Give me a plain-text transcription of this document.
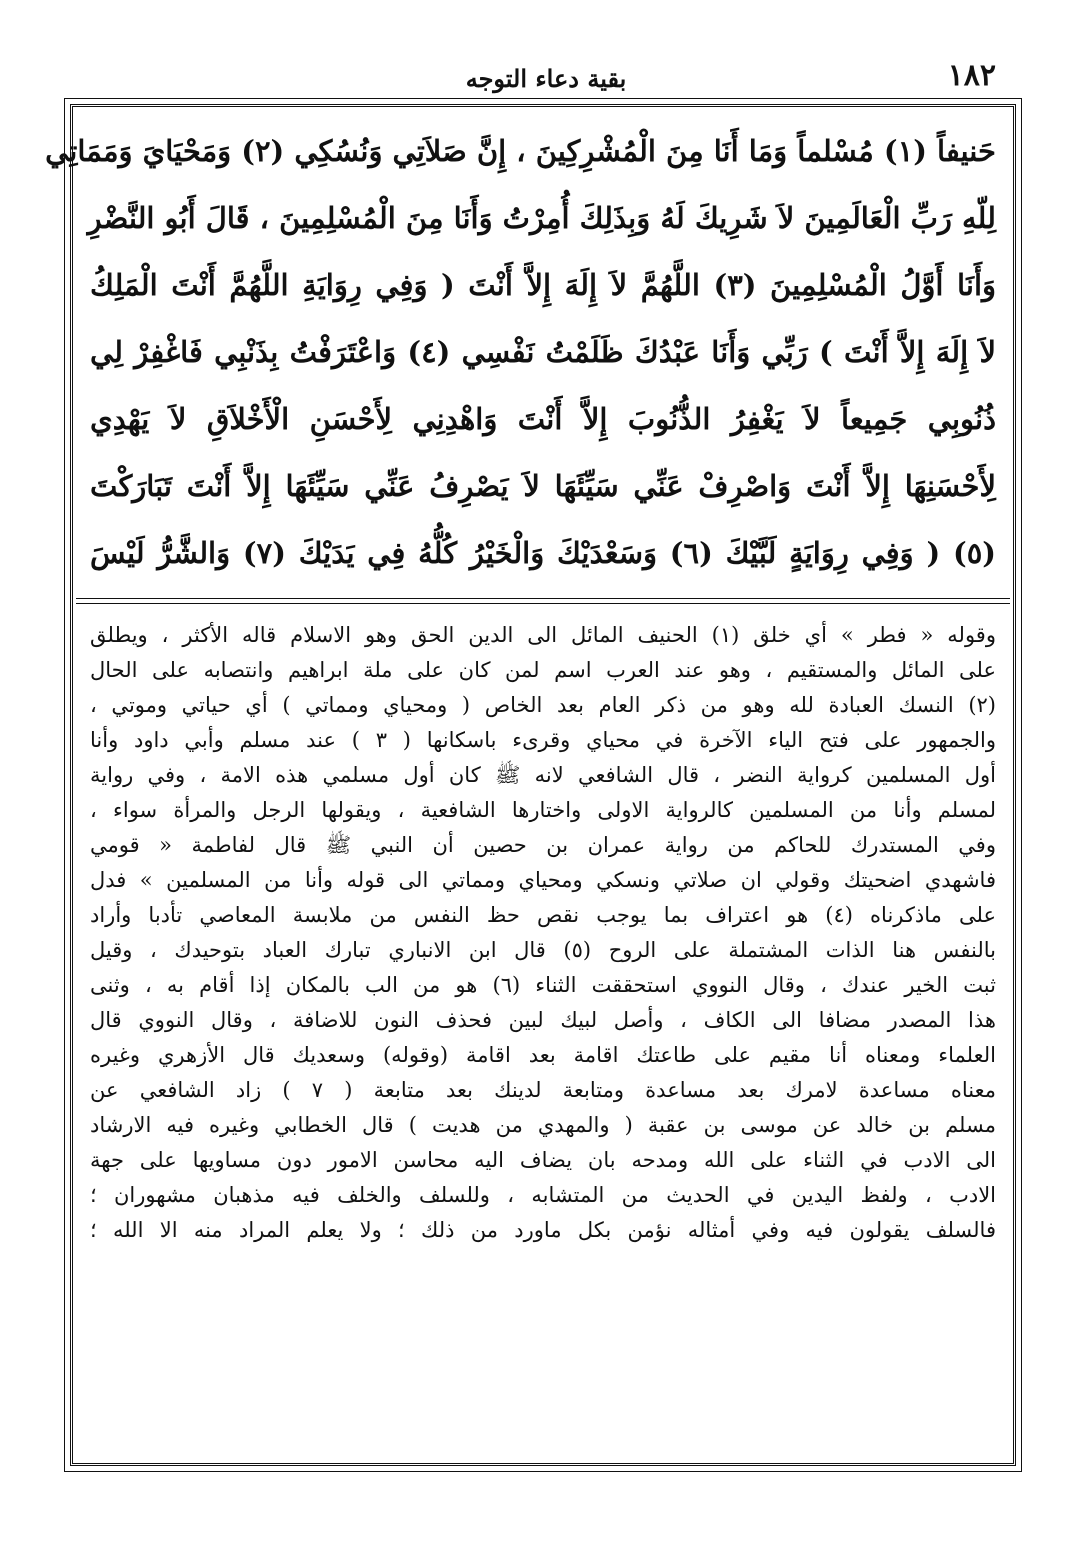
١٨٢
بقية دعاء التوجه
حَنيفاً (١) مُسْلماً وَمَا أَنَا مِنَ الْمُشْرِكِينَ ، إِنَّ صَلاَتِي وَنُسُكِي (٢) وَمَحْيَايَ وَمَمَاتِي
لِلّهِ رَبِّ الْعَالَمِينَ لاَ شَرِيكَ لَهُ وَبِذَلِكَ أُمِرْتُ وَأَنَا مِنَ الْمُسْلِمِينَ ، قَالَ أَبُو النَّضْرِ
وَأَنَا أَوَّلُ الْمُسْلِمِينَ (٣) اللَّهُمَّ لاَ إِلَهَ إِلاَّ أَنْتَ ( وَفِي رِوَايَةِ اللَّهُمَّ أَنْتَ الْمَلِكُ
لاَ إِلَهَ إِلاَّ أَنْتَ ) رَبِّي وَأَنَا عَبْدُكَ ظَلَمْتُ نَفْسِي (٤) وَاعْتَرَفْتُ بِذَنْبِي فَاغْفِرْ لِي
ذُنُوبِي جَمِيعاً لاَ يَغْفِرُ الذُّنُوبَ إِلاَّ أَنْتَ وَاهْدِنِي لِأَحْسَنِ الْأَخْلاَقِ لاَ يَهْدِي
لِأَحْسَنِهَا إِلاَّ أَنْتَ وَاصْرِفْ عَنِّي سَيِّئَهَا لاَ يَصْرِفُ عَنِّي سَيِّئَهَا إِلاَّ أَنْتَ تَبَارَكْتَ
(٥) ( وَفِي رِوَايَةٍ لَبَّيْكَ (٦) وَسَعْدَيْكَ وَالْخَيْرُ كُلُّهُ فِي يَدَيْكَ (٧) وَالشَّرُّ لَيْسَ
وقوله « فطر » أي خلق (١) الحنيف المائل الى الدين الحق وهو الاسلام قاله الأكثر ، ويطلق
على المائل والمستقيم ، وهو عند العرب اسم لمن كان على ملة ابراهيم وانتصابه على الحال
(٢) النسك العبادة لله وهو من ذكر العام بعد الخاص ( ومحياي ومماتي ) أي حياتي وموتي ،
والجمهور على فتح الياء الآخرة في محياي وقرىء باسكانها ( ٣ ) عند مسلم وأبي داود وأنا
أول المسلمين كرواية النضر ، قال الشافعي لانه ﷺ كان أول مسلمي هذه الامة ، وفي رواية
لمسلم وأنا من المسلمين كالرواية الاولى واختارها الشافعية ، ويقولها الرجل والمرأة سواء ،
وفي المستدرك للحاكم من رواية عمران بن حصين أن النبي ﷺ قال لفاطمة « قومي
فاشهدي اضحيتك وقولي ان صلاتي ونسكي ومحياي ومماتي الى قوله وأنا من المسلمين » فدل
على ماذكرناه (٤) هو اعتراف بما يوجب نقص حظ النفس من ملابسة المعاصي تأدبا وأراد
بالنفس هنا الذات المشتملة على الروح (٥) قال ابن الانباري تبارك العباد بتوحيدك ، وقيل
ثبت الخير عندك ، وقال النووي استحققت الثناء (٦) هو من الب بالمكان إذا أقام به ، وثنى
هذا المصدر مضافا الى الكاف ، وأصل لبيك لبين فحذف النون للاضافة ، وقال النووي قال
العلماء ومعناه أنا مقيم على طاعتك اقامة بعد اقامة (وقوله) وسعديك قال الأزهري وغيره
معناه مساعدة لامرك بعد مساعدة ومتابعة لدينك بعد متابعة ( ٧ ) زاد الشافعي عن
مسلم بن خالد عن موسى بن عقبة ( والمهدي من هديت ) قال الخطابي وغيره فيه الارشاد
الى الادب في الثناء على الله ومدحه بان يضاف اليه محاسن الامور دون مساويها على جهة
الادب ، ولفظ اليدين في الحديث من المتشابه ، وللسلف والخلف فيه مذهبان مشهوران ؛
فالسلف يقولون فيه وفي أمثاله نؤمن بكل ماورد من ذلك ؛ ولا يعلم المراد منه الا الله ؛
